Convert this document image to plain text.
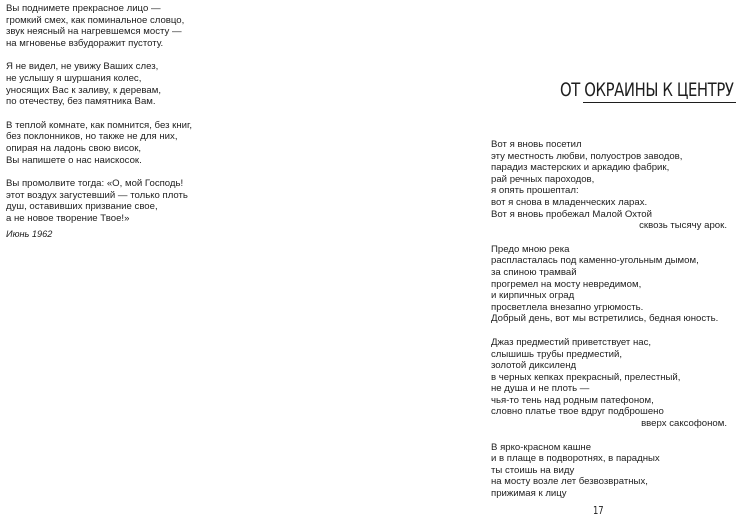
Вы поднимете прекрасное лицо —
громкий смех, как поминальное словцо,
звук неясный на нагревшемся мосту —
на мгновенье взбудоражит пустоту.
Я не видел, не увижу Ваших слез,
не услышу я шуршания колес,
уносящих Вас к заливу, к деревам,
по отечеству, без памятника Вам.
В теплой комнате, как помнится, без книг,
без поклонников, но также не для них,
опирая на ладонь свою висок,
Вы напишете о нас наискосок.
Вы промолвите тогда: «О, мой Господь!
этот воздух загустевший — только плоть
душ, оставивших призвание свое,
а не новое творение Твое!»
Июнь 1962
ОТ ОКРАИНЫ К ЦЕНТРУ
Вот я вновь посетил
эту местность любви, полуостров заводов,
парадиз мастерских и аркадию фабрик,
рай речных пароходов,
я опять прошептал:
вот я снова в младенческих ларах.
Вот я вновь пробежал Малой Охтой
сквозь тысячу арок.
Предо мною река
распласталась под каменно-угольным дымом,
за спиною трамвай
прогремел на мосту невредимом,
и кирпичных оград
просветлела внезапно угрюмость.
Добрый день, вот мы встретились, бедная юность.
Джаз предместий приветствует нас,
слышишь трубы предместий,
золотой диксиленд
в черных кепках прекрасный, прелестный,
не душа и не плоть —
чья-то тень над родным патефоном,
словно платье твое вдруг подброшено
вверх саксофоном.
В ярко-красном кашне
и в плаще в подворотнях, в парадных
ты стоишь на виду
на мосту возле лет безвозвратных,
прижимая к лицу
17
